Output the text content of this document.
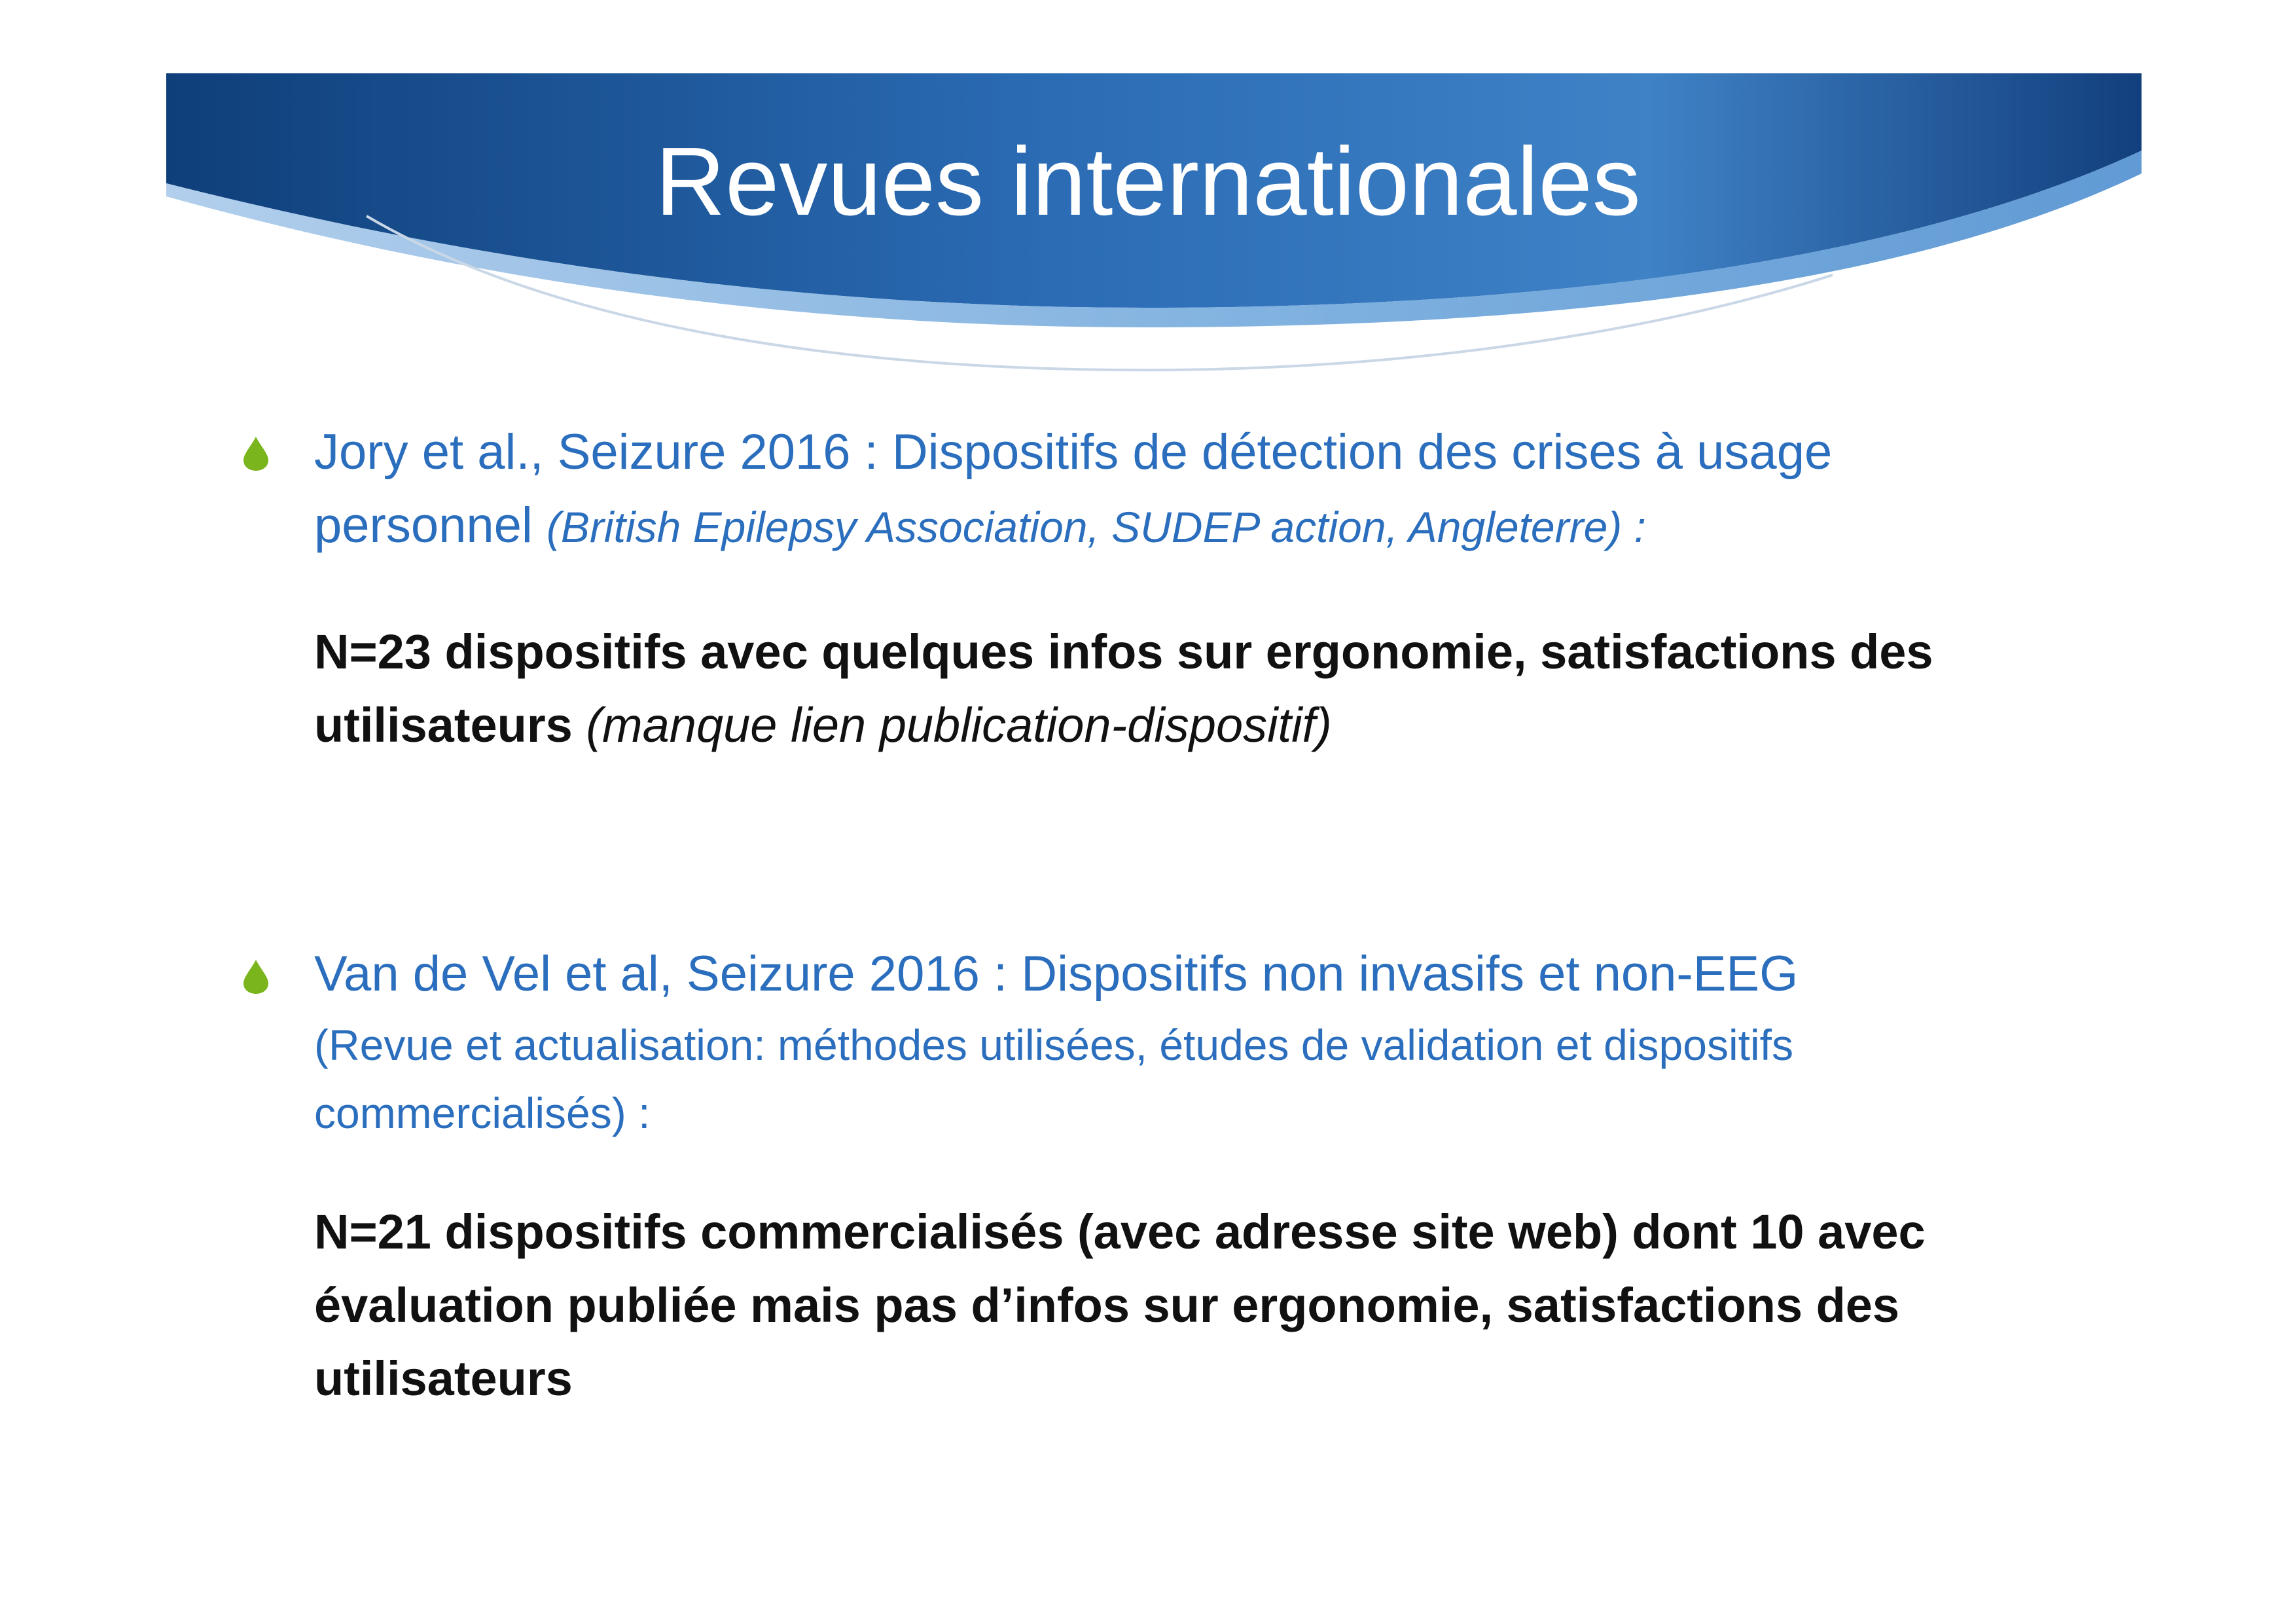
Revues internationales
Jory et al., Seizure 2016 : Dispositifs de détection des crises à usage personnel (British Epilepsy Association, SUDEP action, Angleterre) :
N=23 dispositifs avec quelques infos sur ergonomie, satisfactions des utilisateurs (manque lien publication-dispositif)
Van de Vel et al, Seizure 2016 : Dispositifs non invasifs et non-EEG
(Revue et actualisation: méthodes utilisées, études de validation et dispositifs commercialisés) :
N=21 dispositifs commercialisés (avec adresse site web) dont 10 avec évaluation publiée mais pas d’infos sur ergonomie, satisfactions des utilisateurs
